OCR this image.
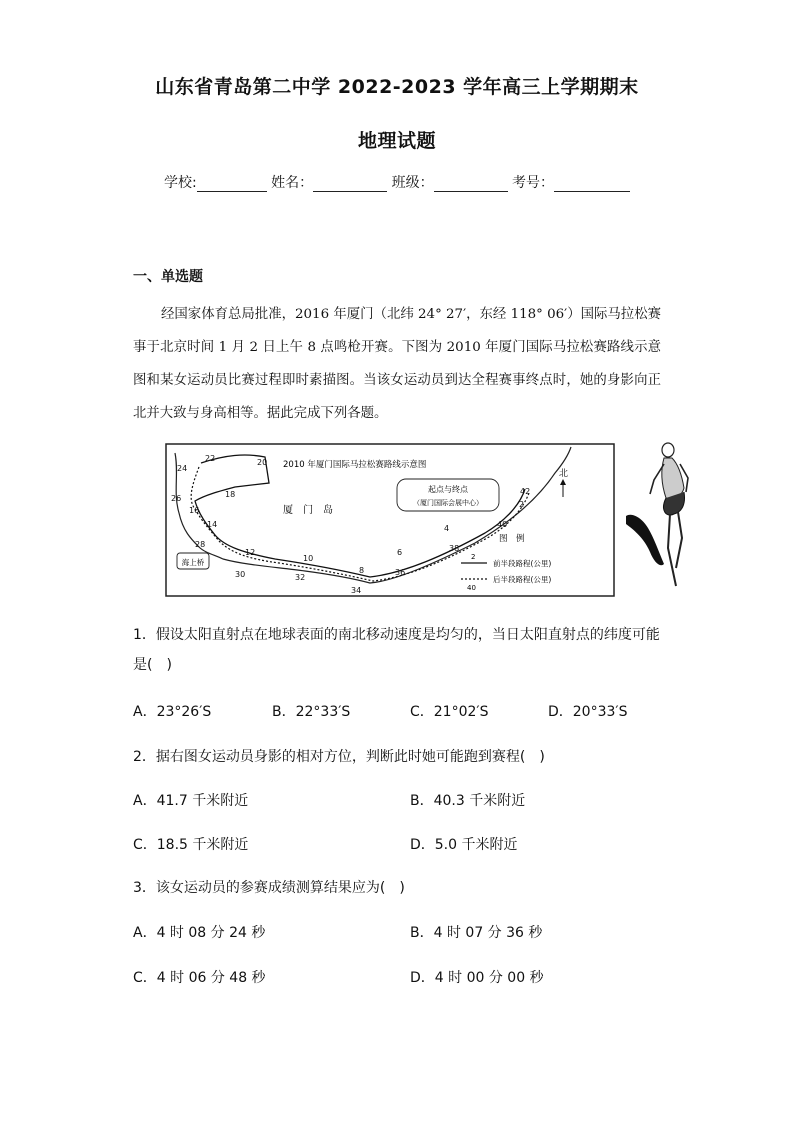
山东省青岛第二中学 2022-2023 学年高三上学期期末
地理试题
学校:	姓名：	班级：	考号：
一、单选题
经国家体育总局批准，2016 年厦门（北纬 24° 27′，东经 118° 06′）国际马拉松赛事于北京时间 1 月 2 日上午 8 点鸣枪开赛。下图为 2010 年厦门国际马拉松赛路线示意图和某女运动员比赛过程即时素描图。当该女运动员到达全程赛事终点时，她的身影向正北并大致与身高相等。据此完成下列各题。
2010 年厦门国际马拉松赛路线示意图
厦　门　岛
北
起点与终点
（厦门国际会展中心）
海上桥
22	20
24
18
26
16
14
28
12
30
10
32
8
34
6
36
4
38
2
40
42
图　例
2
前半段路程(公里)
40
后半段路程(公里)
1．假设太阳直射点在地球表面的南北移动速度是均匀的，当日太阳直射点的纬度可能是(　)
A．23°26′S	B．22°33′S	C．21°02′S	D．20°33′S
2．据右图女运动员身影的相对方位，判断此时她可能跑到赛程(　)
A．41.7 千米附近	B．40.3 千米附近
C．18.5 千米附近	D．5.0 千米附近
3．该女运动员的参赛成绩测算结果应为(　)
A．4 时 08 分 24 秒	B．4 时 07 分 36 秒
C．4 时 06 分 48 秒	D．4 时 00 分 00 秒
